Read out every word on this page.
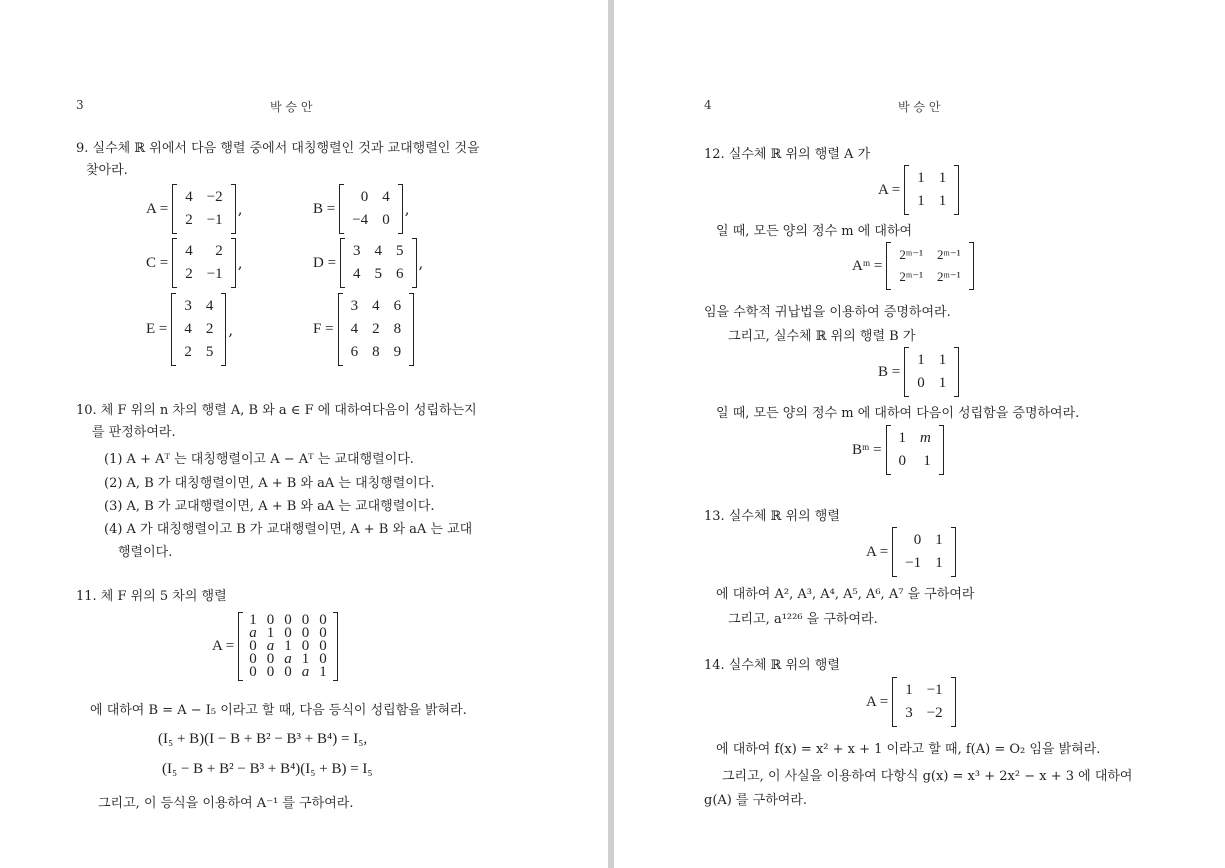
3	박 승 안
9. 실수체 ℝ 위에서 다음 행렬 중에서 대칭행렬인 것과 교대행렬인 것을
찾아라.
A =
4	−2
2	−1
,	B =
0	4
−4	0
,
C =
4	2
2	−1
,	D =
3	4	5
4	5	6
,
E =
3	4
4	2
2	5
,	F =
3	4	6
4	2	8
6	8	9
10. 체 F 위의 n 차의 행렬 A, B 와 a ∈ F 에 대하여다음이 성립하는지
를 판정하여라.
(1) A + Aᵀ 는 대칭행렬이고 A − Aᵀ 는 교대행렬이다.
(2) A, B 가 대칭행렬이면, A + B 와 aA 는 대칭행렬이다.
(3) A, B 가 교대행렬이면, A + B 와 aA 는 교대행렬이다.
(4) A 가 대칭행렬이고 B 가 교대행렬이면, A + B 와 aA 는 교대
행렬이다.
11. 체 F 위의 5 차의 행렬
A =
1	0	0	0	0
a	1	0	0	0
0	a	1	0	0
0	0	a	1	0
0	0	0	a	1
에 대하여 B = A − I₅ 이라고 할 때, 다음 등식이 성립함을 밝혀라.
(I₅ + B)(I − B + B² − B³ + B⁴) = I₅,
(I₅ − B + B² − B³ + B⁴)(I₅ + B) = I₅
그리고, 이 등식을 이용하여 A⁻¹ 를 구하여라.
4	박 승 안
12. 실수체 ℝ 위의 행렬 A 가
A =
1	1
1	1
일 때, 모든 양의 정수 m 에 대하여
Aᵐ =
2ᵐ⁻¹	2ᵐ⁻¹
2ᵐ⁻¹	2ᵐ⁻¹
임을 수학적 귀납법을 이용하여 증명하여라.
그리고, 실수체 ℝ 위의 행렬 B 가
B =
1	1
0	1
일 때, 모든 양의 정수 m 에 대하여 다음이 성립함을 증명하여라.
Bᵐ =
1	m
0	1
13. 실수체 ℝ 위의 행렬
A =
0	1
−1	1
에 대하여 A², A³, A⁴, A⁵, A⁶, A⁷ 을 구하여라
그리고, a¹²²⁶ 을 구하여라.
14. 실수체 ℝ 위의 행렬
A =
1	−1
3	−2
에 대하여 f(x) = x² + x + 1 이라고 할 때, f(A) = O₂ 임을 밝혀라.
그리고, 이 사실을 이용하여 다항식 g(x) = x³ + 2x² − x + 3 에 대하여
g(A) 를 구하여라.
